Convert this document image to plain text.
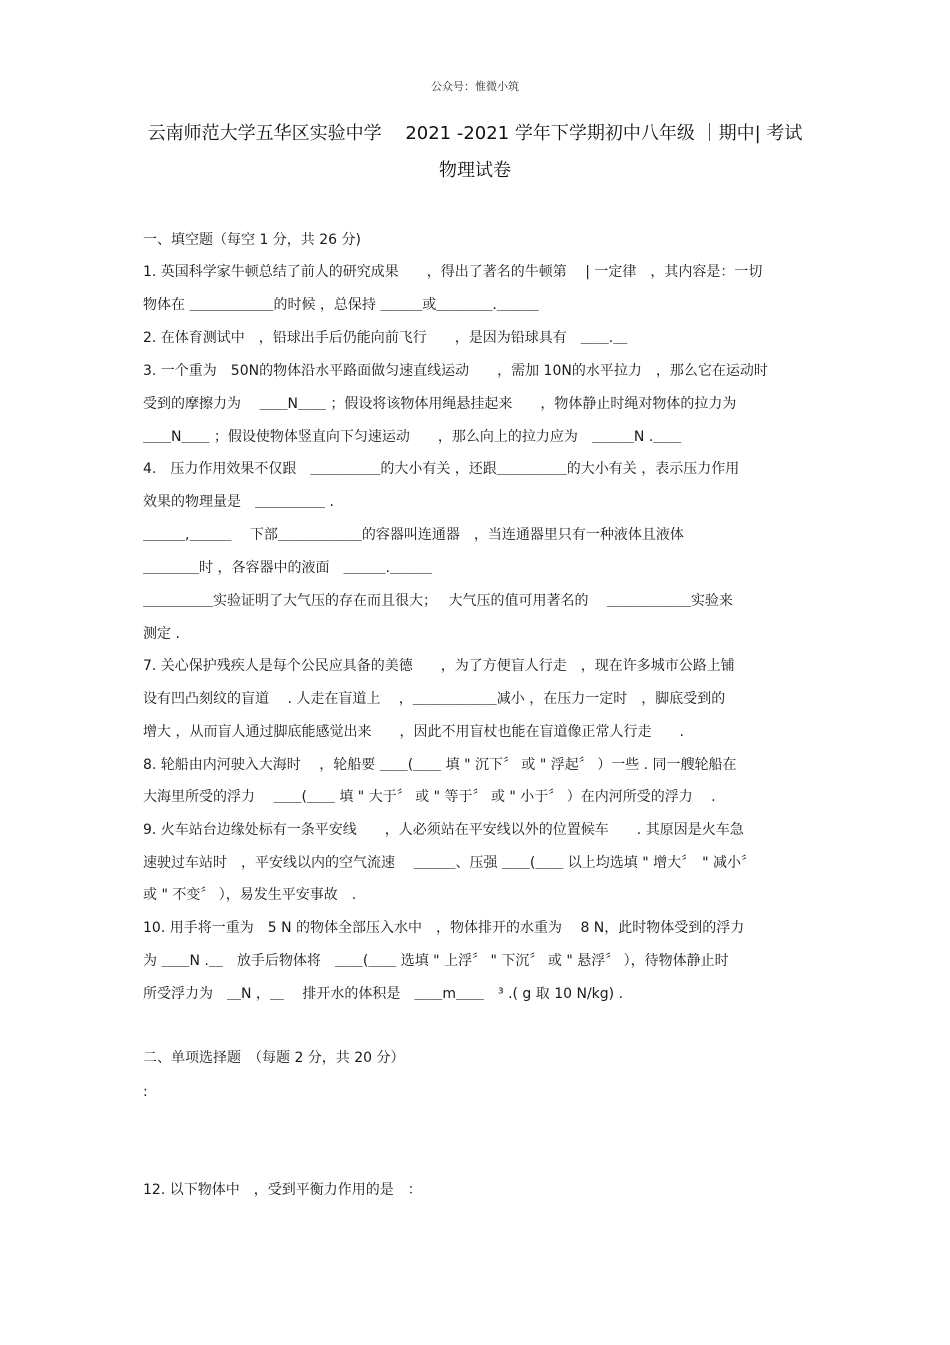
公众号：惟微小筑
云南师范大学五华区实验中学　 2021 -2021 学年下学期初中八年级 ｜期中| 考试
物理试卷
一、填空题（每空 1 分，共 26 分)
1. 英国科学家牛顿总结了前人的研究成果　　，得出了著名的牛顿第　 | 一定律　，其内容是：一切
物体在 ＿＿＿＿＿＿的时候 ，总保持 ＿＿＿或＿＿＿＿.＿＿＿
2. 在体育测试中　，铅球出手后仍能向前飞行　　，是因为铅球具有　＿＿.＿
3. 一个重为　50N的物体沿水平路面做匀速直线运动　　，需加 10N的水平拉力　，那么它在运动时
受到的摩擦力为　 ＿＿N＿＿ ；假设将该物体用绳悬挂起来　　，物体静止时绳对物体的拉力为
＿＿N＿＿ ；假设使物体竖直向下匀速运动　　，那么向上的拉力应为　＿＿＿N .＿＿
4.　压力作用效果不仅跟　＿＿＿＿＿的大小有关 ，还跟＿＿＿＿＿的大小有关 ，表示压力作用
效果的物理量是　＿＿＿＿＿ .
＿＿＿,＿＿＿　 下部＿＿＿＿＿＿的容器叫连通器　，当连通器里只有一种液体且液体
＿＿＿＿时 ，各容器中的液面　＿＿＿.＿＿＿
＿＿＿＿＿实验证明了大气压的存在而且很大；　 大气压的值可用著名的　 ＿＿＿＿＿＿实验来
测定 .
7. 关心保护残疾人是每个公民应具备的美德　　，为了方便盲人行走　，现在许多城市公路上铺
设有凹凸刻纹的盲道　 . 人走在盲道上　 ，＿＿＿＿＿＿减小 ，在压力一定时　，脚底受到的
增大 ，从而盲人通过脚底能感觉出来　　，因此不用盲杖也能在盲道像正常人行走　　.
8. 轮船由内河驶入大海时　 ，轮船要 ＿＿(＿＿ 填 " 沉下〞 或 " 浮起〞 ）一些 . 同一艘轮船在
大海里所受的浮力　 ＿＿(＿＿ 填 " 大于〞 或 " 等于〞 或 " 小于〞 ）在内河所受的浮力　 .
9. 火车站台边缘处标有一条平安线　　，人必须站在平安线以外的位置候车　　. 其原因是火车急
速驶过车站时　，平安线以内的空气流速　 ＿＿＿、压强 ＿＿(＿＿ 以上均选填 " 增大〞　" 减小〞
或 " 不变〞 ），易发生平安事故　.
10. 用手将一重为　5 N 的物体全部压入水中　，物体排开的水重为　 8 N，此时物体受到的浮力
为 ＿＿N .＿　放手后物体将　＿＿(＿＿ 选填 " 上浮〞 " 下沉〞 或 " 悬浮〞 ），待物体静止时
所受浮力为　＿N ，＿　 排开水的体积是　＿＿m＿＿　³ .( g 取 10 N/kg) .
二、单项选择题　（每题 2 分，共 20 分）
:
12. 以下物体中　，受到平衡力作用的是　：
